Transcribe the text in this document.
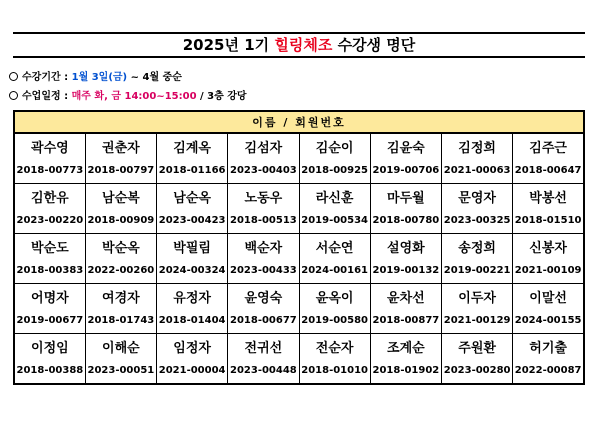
2025년 1기 힐링체조 수강생 명단
수강기간 : 1월 3일(금) ~ 4월 중순
수업일정 : 매주 화, 금 14:00~15:00 / 3층 강당
이름 / 회원번호							

곽수영
2018-00773	권춘자
2018-00797	김계옥
2018-01166	김섬자
2023-00403	김순이
2018-00925	김윤숙
2019-00706	김정희
2021-00063	김주근
2018-00647

김한유
2023-00220	남순복
2018-00909	남순옥
2023-00423	노동우
2018-00513	라신훈
2019-00534	마두월
2018-00780	문영자
2023-00325	박봉선
2018-01510

박순도
2018-00383	박순옥
2022-00260	박필림
2024-00324	백순자
2023-00433	서순연
2024-00161	설영화
2019-00132	송정희
2019-00221	신봉자
2021-00109

어명자
2019-00677	여경자
2018-01743	유정자
2018-01404	윤영숙
2018-00677	윤옥이
2019-00580	윤차선
2018-00877	이두자
2021-00129	이말선
2024-00155

이정임
2018-00388	이해순
2023-00051	임정자
2021-00004	전귀선
2023-00448	전순자
2018-01010	조계순
2018-01902	주원환
2023-00280	허기출
2022-00087
